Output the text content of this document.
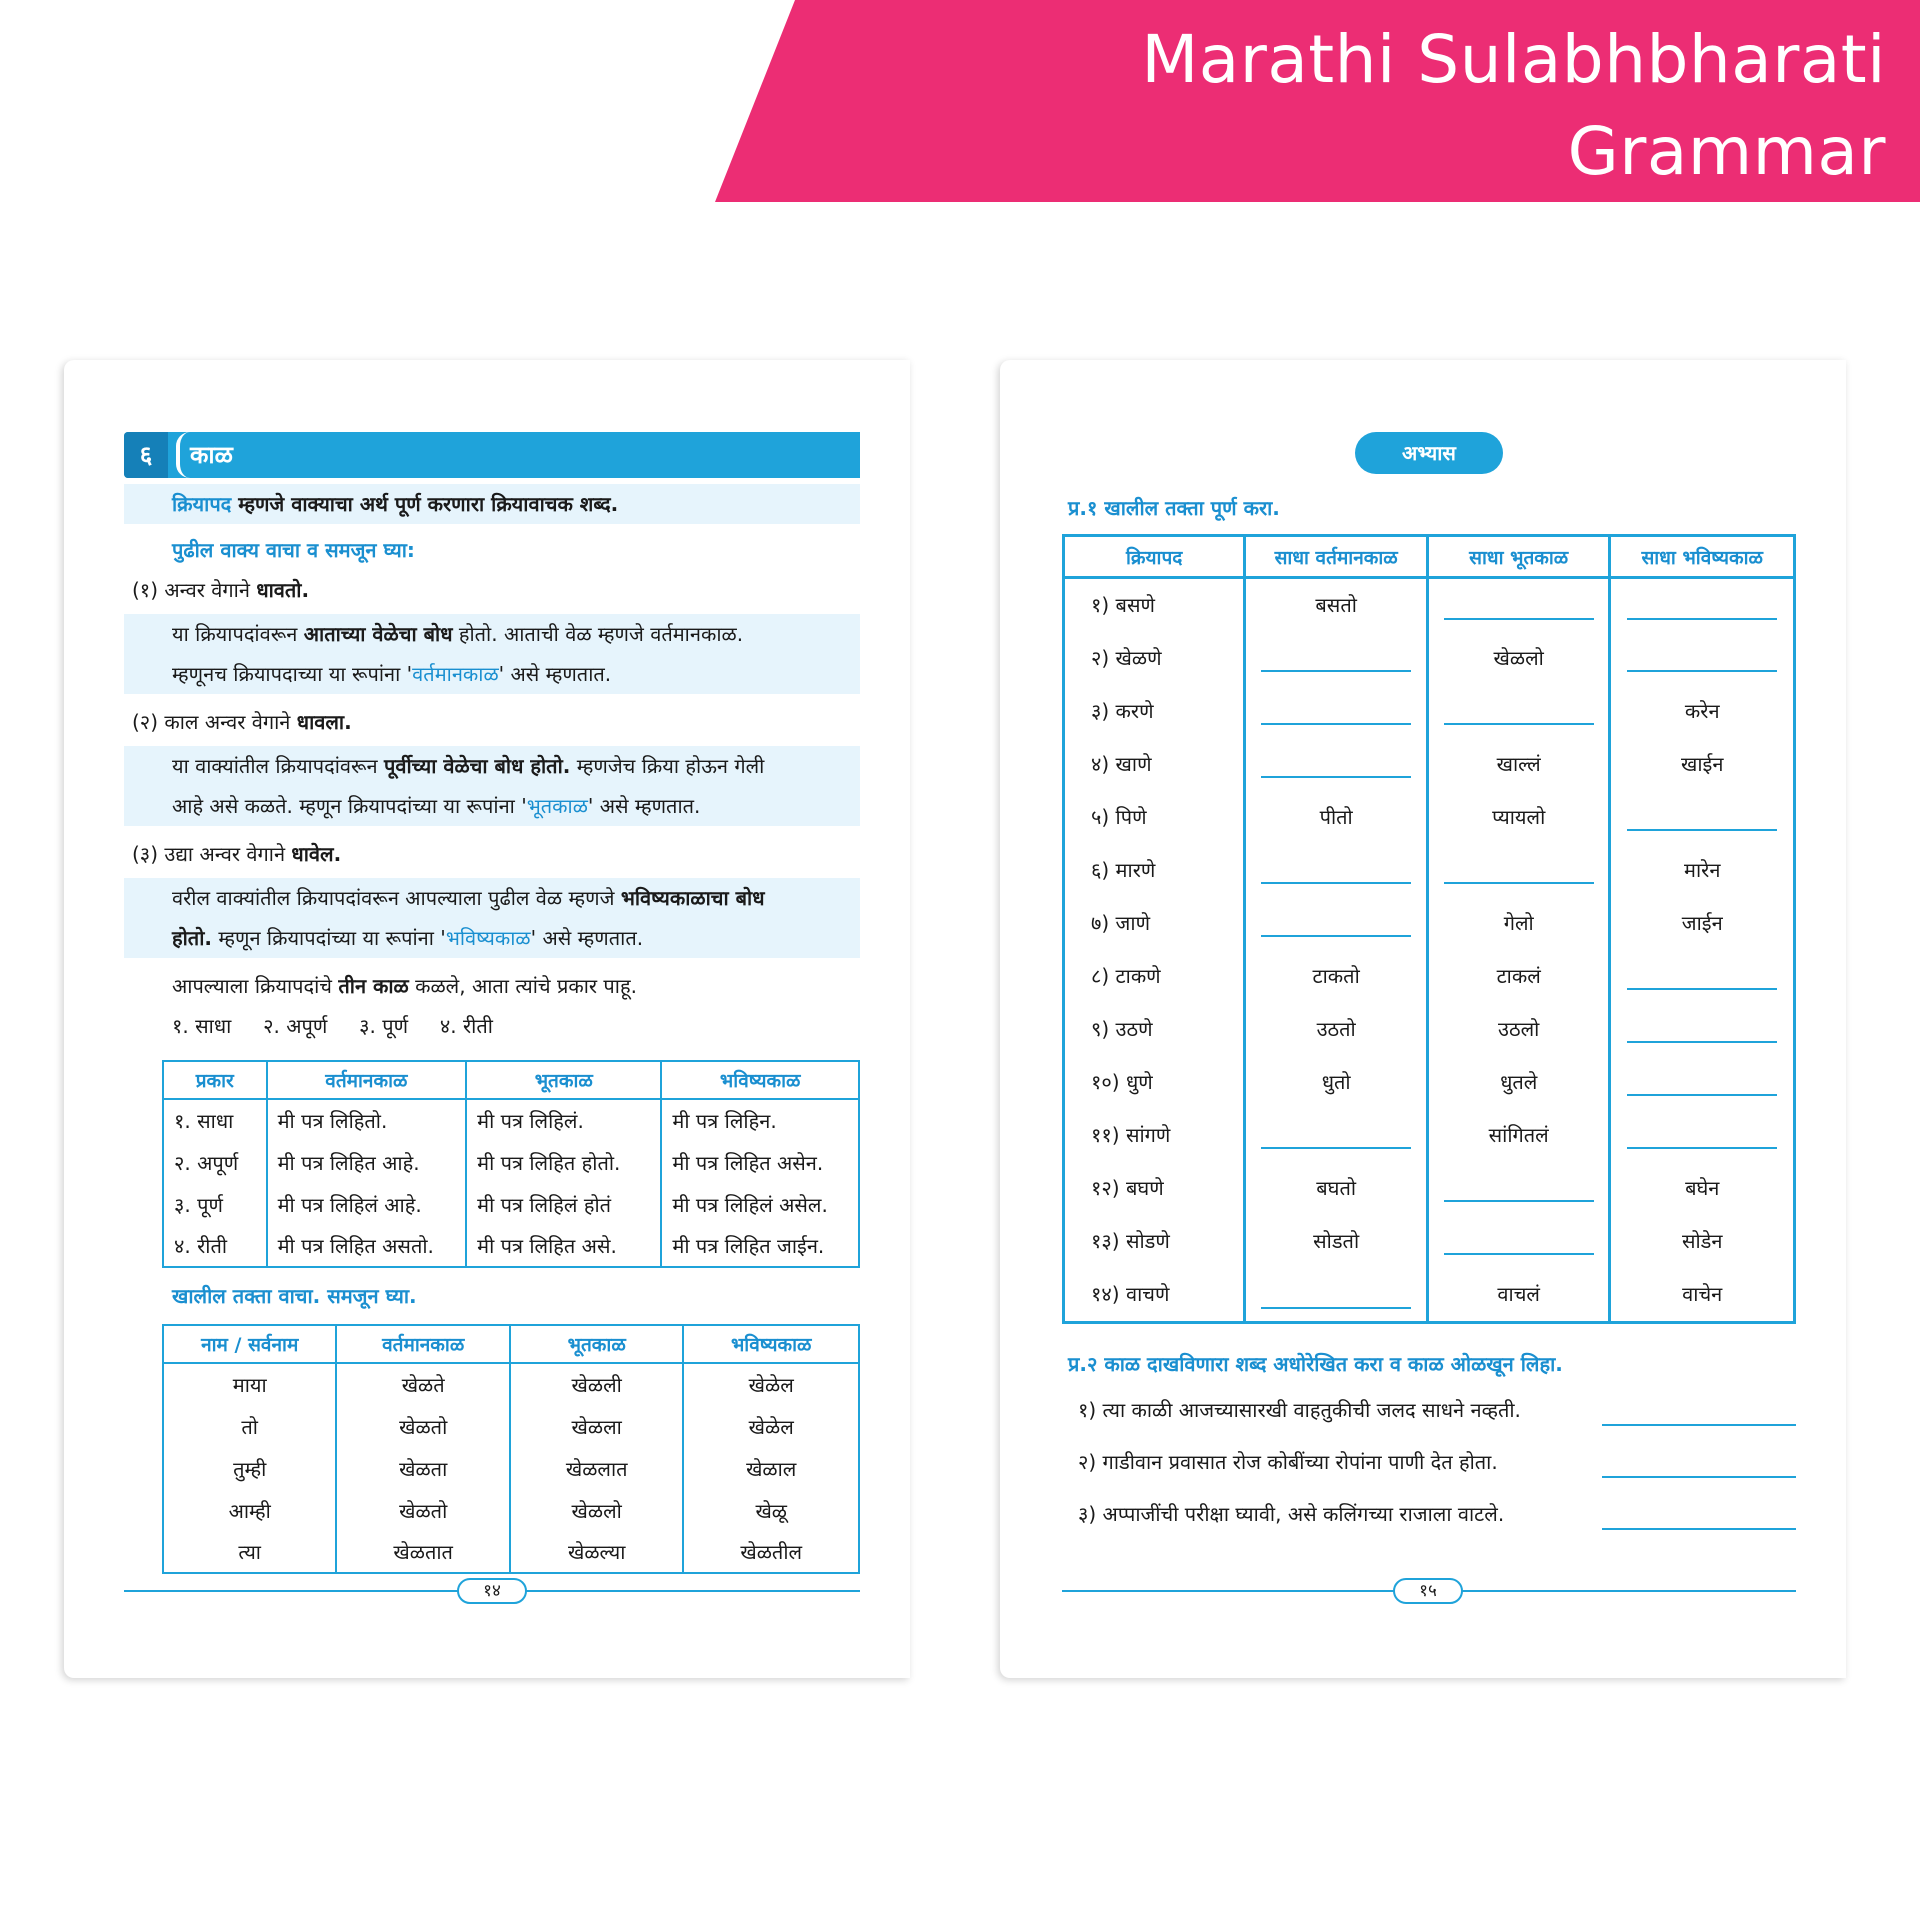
Marathi Sulabhbharati Grammar
and Writing Skills Std - 6
६	काळ
क्रियापद म्हणजे वाक्याचा अर्थ पूर्ण करणारा क्रियावाचक शब्द.
पुढील वाक्य वाचा व समजून घ्या:
(१) अन्वर वेगाने धावतो.
या क्रियापदांवरून आताच्या वेळेचा बोध होतो. आताची वेळ म्हणजे वर्तमानकाळ.
म्हणूनच क्रियापदाच्या या रूपांना 'वर्तमानकाळ' असे म्हणतात.
(२) काल अन्वर वेगाने धावला.
या वाक्यांतील क्रियापदांवरून पूर्वीच्या वेळेचा बोध होतो. म्हणजेच क्रिया होऊन गेली
आहे असे कळते. म्हणून क्रियापदांच्या या रूपांना 'भूतकाळ' असे म्हणतात.
(३) उद्या अन्वर वेगाने धावेल.
वरील वाक्यांतील क्रियापदांवरून आपल्याला पुढील वेळ म्हणजे भविष्यकाळाचा बोध
होतो. म्हणून क्रियापदांच्या या रूपांना 'भविष्यकाळ' असे म्हणतात.
आपल्याला क्रियापदांचे तीन काळ कळले, आता त्यांचे प्रकार पाहू.
१. साधा २. अपूर्ण ३. पूर्ण ४. रीती
प्रकार	वर्तमानकाळ	भूतकाळ	भविष्यकाळ
१. साधा	मी पत्र लिहितो.	मी पत्र लिहिलं.	मी पत्र लिहिन.
२. अपूर्ण	मी पत्र लिहित आहे.	मी पत्र लिहित होतो.	मी पत्र लिहित असेन.
३. पूर्ण	मी पत्र लिहिलं आहे.	मी पत्र लिहिलं होतं	मी पत्र लिहिलं असेल.
४. रीती	मी पत्र लिहित असतो.	मी पत्र लिहित असे.	मी पत्र लिहित जाईन.
खालील तक्ता वाचा. समजून घ्या.
नाम / सर्वनाम	वर्तमानकाळ	भूतकाळ	भविष्यकाळ
माया	खेळते	खेळली	खेळेल
तो	खेळतो	खेळला	खेळेल
तुम्ही	खेळता	खेळलात	खेळाल
आम्ही	खेळतो	खेळलो	खेळू
त्या	खेळतात	खेळल्या	खेळतील
१४
अभ्यास
प्र.१ खालील तक्ता पूर्ण करा.
क्रियापद	साधा वर्तमानकाळ	साधा भूतकाळ	साधा भविष्यकाळ
१) बसणे	बसतो	

२) खेळणे		खेळलो	

३) करणे			करेन
४) खाणे		खाल्लं	खाईन
५) पिणे	पीतो	प्यायलो	

६) मारणे			मारेन
७) जाणे		गेलो	जाईन
८) टाकणे	टाकतो	टाकलं	

९) उठणे	उठतो	उठलो	

१०) धुणे	धुतो	धुतले	

११) सांगणे		सांगितलं	

१२) बघणे	बघतो		बघेन
१३) सोडणे	सोडतो		सोडेन
१४) वाचणे		वाचलं	वाचेन
प्र.२ काळ दाखविणारा शब्द अधोरेखित करा व काळ ओळखून लिहा.
१) त्या काळी आजच्यासारखी वाहतुकीची जलद साधने नव्हती.
२) गाडीवान प्रवासात रोज कोबींच्या रोपांना पाणी देत होता.
३) अप्पाजींची परीक्षा घ्यावी, असे कलिंगच्या राजाला वाटले.
१५
